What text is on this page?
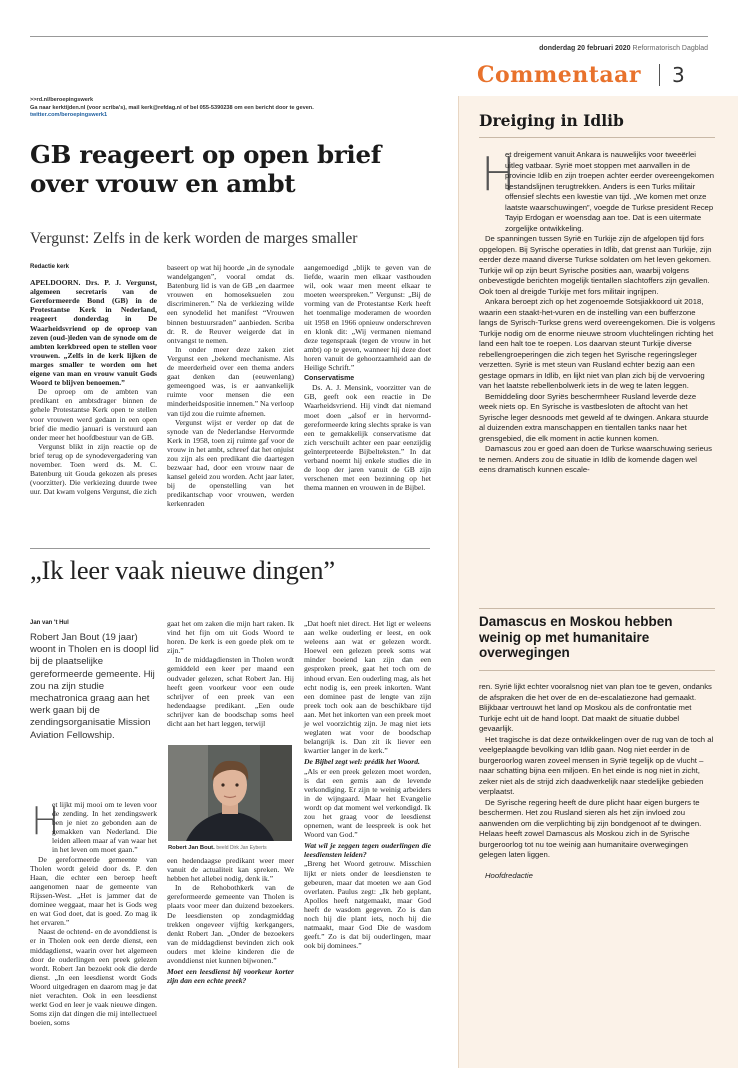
donderdag 20 februari 2020 Reformatorisch Dagblad
Commentaar 3
>>rd.nl/beroepingswerk
Ga naar kerktijden.nl (voor scriba's), mail kerk@refdag.nl of bel 055-5390238 om een bericht door te geven.
twitter.com/beroepingswerk1
GB reageert op open brief over vrouw en ambt
Vergunst: Zelfs in de kerk worden de marges smaller

Redactie kerk

APELDOORN. Drs. P. J. Vergunst, algemeen secretaris van de Gereformeerde Bond (GB) in de Protestantse Kerk in Nederland, reageert donderdag in De Waarheidsvriend op de oproep van zeven (oud-)leden van de synode om de ambten kerkbreed open te stellen voor vrouwen. „Zelfs in de kerk lijken de marges smaller te worden om het eigene van man en vrouw vanuit Gods Woord te blijven benoemen.”

De oproep om de ambten van predikant en ambtsdrager binnen de gehele Protestantse Kerk open te stellen voor vrouwen werd gedaan in een open brief die medio januari is verstuurd aan onder meer het hoofdbestuur van de GB.

Vergunst blikt in zijn reactie op de brief terug op de synodevergadering van november. Toen werd ds. M. C. Batenburg uit Gouda gekozen als preses (voorzitter). Die verkiezing duurde twee uur. Dat kwam volgens Vergunst, die zich

baseert op wat hij hoorde „in de synodale wandelgangen”, vooral omdat ds. Batenburg lid is van de GB „en daarmee vrouwen en homoseksuelen zou discrimineren.” Na de verkiezing wilde een synodelid het manifest “Vrouwen binnen bestuursraden” aanbieden. Scriba dr. R. de Reuver weigerde dat in ontvangst te nemen.

In onder meer deze zaken ziet Vergunst een „bekend mechanisme. Als de meerderheid over een thema anders gaat denken dan (eeuwenlang) gemeengoed was, is er aanvankelijk ruimte voor mensen die een minderheidspositie innemen.” Na verloop van tijd zou die ruimte afnemen.

Vergunst wijst er verder op dat de synode van de Nederlandse Hervormde Kerk in 1958, toen zij ruimte gaf voor de vrouw in het ambt, schreef dat het onjuist zou zijn als een predikant die daartegen bezwaar had, door een vrouw naar de kansel geleid zou worden. Acht jaar later, bij de openstelling van het predikantschap voor vrouwen, werden kerkenraden

aangemoedigd „blijk te geven van de liefde, waarin men elkaar vasthouden wil, ook waar men meent elkaar te moeten weerspreken.” Vergunst: „Bij de vorming van de Protestantse Kerk heeft het toenmalige moderamen de woorden uit 1958 en 1966 opnieuw onderschreven en klonk dit: „Wij vermanen niemand deze tegenspraak (tegen de vrouw in het ambt) op te geven, wanneer hij deze doet horen vanuit de gehoorzaamheid aan de Heilige Schrift.”

Conservatisme

Ds. A. J. Mensink, voorzitter van de GB, geeft ook een reactie in De Waarheidsvriend. Hij vindt dat niemand moet doen „alsof er in hervormd-gereformeerde kring slechts sprake is van een te gemakkelijk conservatisme dat zich verschuilt achter een paar eenzijdig geïnterpreteerde Bijbelteksten.” In dat verband noemt hij enkele studies die in de loop der jaren vanuit de GB zijn verschenen met een bezinning op het thema mannen en vrouwen in de Bijbel.

„Ik leer vaak nieuwe dingen”

Jan van 't Hul

Robert Jan Bout (19 jaar) woont in Tholen en is doopl lid bij de plaatselijke gereformeerde gemeente. Hij zou na zijn studie mechatronica graag aan het werk gaan bij de zendingsorganisatie Mission Aviation Fellowship.
H

et lijkt mij mooi om te leven voor de zending. In het zendingswerk ben je niet zo gebonden aan de gemakken van Nederland. Die leiden alleen maar af van waar het in het leven om moet gaan.”

De gereformeerde gemeente van Tholen wordt geleid door ds. P. den Haan, die echter een beroep heeft aangenomen naar de gemeente van Rijssen-West. „Het is jammer dat de dominee weggaat, maar het is Gods weg en wat God doet, dat is goed. Zo mag ik het ervaren.”

Naast de ochtend- en de avonddienst is er in Tholen ook een derde dienst, een middagdienst, waarin over het algemeen door de ouderlingen een preek gelezen wordt. Robert Jan bezoekt ook die derde dienst. „In een leesdienst wordt Gods Woord uitgedragen en daarom mag je dat niet verachten. Ook in een leesdienst werkt God en leer je vaak nieuwe dingen. Soms zijn dat dingen die mij intellectueel boeien, soms

gaat het om zaken die mijn hart raken. Ik vind het fijn om uit Gods Woord te horen. De kerk is een goede plek om te zijn.”

In de middagdiensten in Tholen wordt gemiddeld een keer per maand een oudvader gelezen, schat Robert Jan. Hij heeft geen voorkeur voor een oude schrijver of een preek van een hedendaagse predikant. „Een oude schrijver kan de boodschap soms heel dicht aan het hart leggen, terwijl

Robert Jan Bout. beeld Dirk Jan Eyberts

een hedendaagse predikant weer meer vanuit de actualiteit kan spreken. We hebben het allebei nodig, denk ik.”

In de Rehobothkerk van de gereformeerde gemeente van Tholen is plaats voor meer dan duizend bezoekers. De leesdiensten op zondagmiddag trekken ongeveer vijftig kerkgangers, denkt Robert Jan. „Onder de bezoekers van de middagdienst bevinden zich ook ouders met kleine kinderen die de avonddienst niet kunnen bijwonen.”

Moet een leesdienst bij voorkeur korter zijn dan een echte preek?

„Dat hoeft niet direct. Het ligt er weleens aan welke ouderling er leest, en ook weleens aan wat er gelezen wordt. Hoewel een gelezen preek soms wat minder boeiend kan zijn dan een gesproken preek, gaat het toch om de inhoud ervan. Een ouderling mag, als het echt nodig is, een preek inkorten. Want een dominee past de lengte van zijn preek toch ook aan de beschikbare tijd aan. Met het inkorten van een preek moet je wel voorzichtig zijn. Je mag niet iets weglaten wat voor de boodschap belangrijk is. Dan zit ik liever een kwartier langer in de kerk.”

De Bijbel zegt wel: prédik het Woord.

„Als er een preek gelezen moet worden, is dat een gemis aan de levende verkondiging. Er zijn te weinig arbeiders in de wijngaard. Maar het Evangelie wordt op dat moment wel verkondigd. Ik zou het graag voor de leesdienst opnemen, want de leespreek is ook het Woord van God.”

Wat wil je zeggen tegen ouderlingen die leesdiensten leiden?

„Breng het Woord getrouw. Misschien lijkt er niets onder de leesdiensten te gebeuren, maar dat moeten we aan God overlaten. Paulus zegt: „Ik heb geplant, Apollos heeft natgemaakt, maar God heeft de wasdom gegeven. Zo is dan noch hij die plant iets, noch hij die natmaakt, maar God Die de wasdom geeft.” Zo is dat bij ouderlingen, maar ook bij dominees.”

Dreiging in Idlib
H

et dreigement vanuit Ankara is nauwelijks voor tweeërlei uitleg vatbaar. Syrië moet stoppen met aanvallen in de provincie Idlib en zijn troepen achter eerder overeengekomen bestandslijnen terugtrekken. Anders is een Turks militair offensief slechts een kwestie van tijd. „We komen met onze laatste waarschuwingen”, voegde de Turkse president Recep Tayip Erdogan er woensdag aan toe. Dat is een uitermate zorgelijke ontwikkeling.

De spanningen tussen Syrië en Turkije zijn de afgelopen tijd fors opgelopen. Bij Syrische operaties in Idlib, dat grenst aan Turkije, zijn eerder deze maand diverse Turkse soldaten om het leven gekomen. Turkije wil op zijn beurt Syrische posities aan, waarbij volgens onbevestigde berichten mogelijk tientallen slachtoffers zijn gevallen. Ook toen al dreigde Turkije met fors militair ingrijpen.

Ankara beroept zich op het zogenoemde Sotsjiakkoord uit 2018, waarin een staakt-het-vuren en de instelling van een bufferzone langs de Syrisch-Turkse grens werd overeengekomen. Die is volgens Turkije nodig om de enorme nieuwe stroom vluchtelingen richting het land een halt toe te roepen. Los daarvan steunt Turkije diverse rebellengroeperingen die zich tegen het Syrische regeringsleger verzetten. Syrië is met steun van Rusland echter bezig aan een gestage opmars in Idlib, en lijkt niet van plan zich bij de vervoering van het laatste rebellenbolwerk iets in de weg te laten leggen.

Bemiddeling door Syriës beschermheer Rusland leverde deze week niets op. En Syrische is vastbesloten de aftocht van het Syrische leger desnoods met geweld af te dwingen. Ankara stuurde al duizenden extra manschappen en tientallen tanks naar het grensgebied, die elk moment in actie kunnen komen.

Damascus zou er goed aan doen de Turkse waarschuwing serieus te nemen. Anders zou de situatie in Idlib de komende dagen wel eens dramatisch kunnen escale-

Damascus en Moskou hebben weinig op met humanitaire overwegingen

ren. Syrië lijkt echter vooralsnog niet van plan toe te geven, ondanks de afspraken die het over de en de-escalatiezone had gemaakt. Blijkbaar vertrouwt het land op Moskou als de confrontatie met Turkije echt uit de hand loopt. Dat maakt de situatie dubbel gevaarlijk.

Het tragische is dat deze ontwikkelingen over de rug van de toch al veelgeplaagde bevolking van Idlib gaan. Nog niet eerder in de burgeroorlog waren zoveel mensen in Syrië tegelijk op de vlucht – naar schatting bijna een miljoen. En het einde is nog niet in zicht, zeker niet als de strijd zich daadwerkelijk naar stedelijke gebieden verplaatst.

De Syrische regering heeft de dure plicht haar eigen burgers te beschermen. Het zou Rusland sieren als het zijn invloed zou aanwenden om die verplichting bij zijn bondgenoot af te dwingen. Helaas heeft zowel Damascus als Moskou zich in de Syrische burgeroorlog tot nu toe weinig aan humanitaire overwegingen gelegen laten liggen.

Hoofdredactie
